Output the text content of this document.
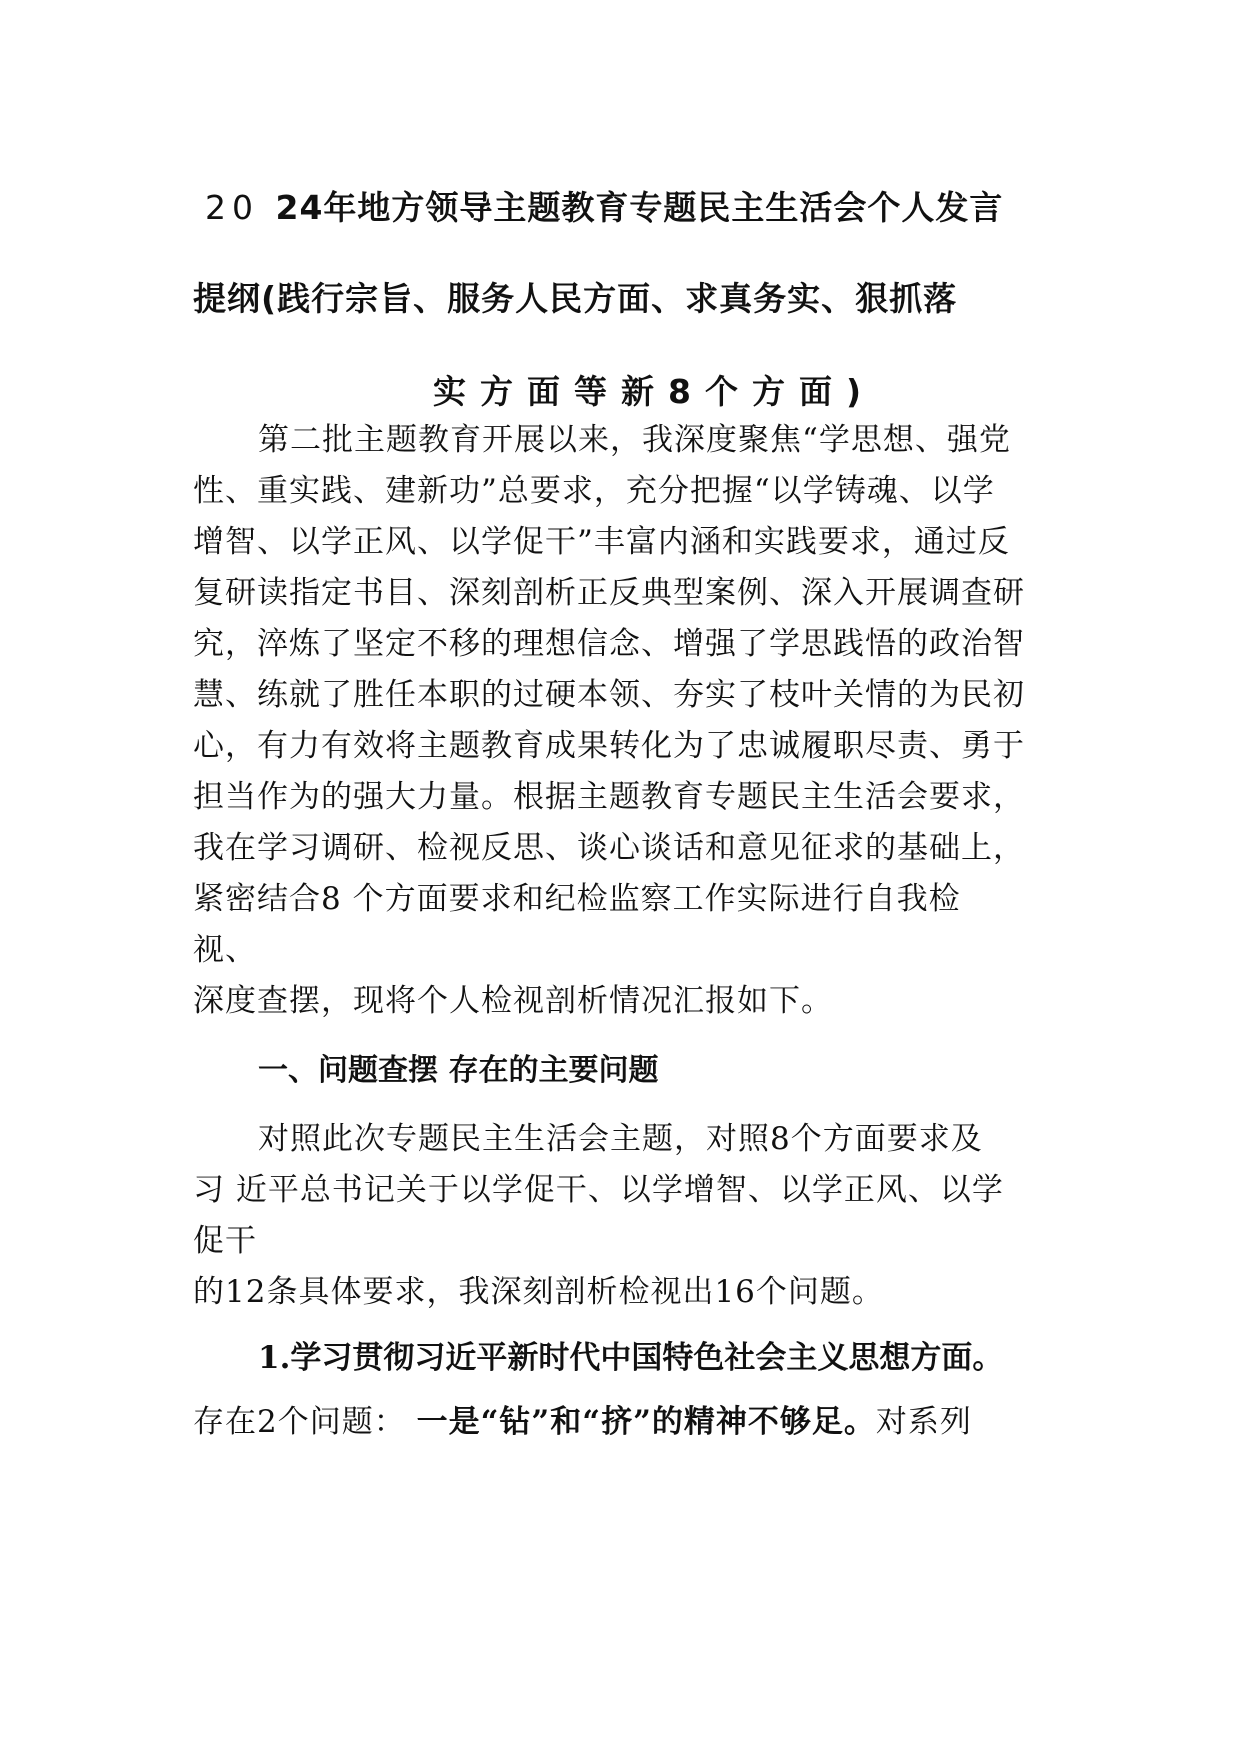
20 24年地方领导主题教育专题民主生活会个人发言
提纲(践行宗旨、服务人民方面、求真务实、狠抓落
实方面等新8个方面)
第二批主题教育开展以来，我深度聚焦“学思想、强党
性、重实践、建新功”总要求，充分把握“以学铸魂、以学
增智、以学正风、以学促干”丰富内涵和实践要求，通过反
复研读指定书目、深刻剖析正反典型案例、深入开展调查研
究，淬炼了坚定不移的理想信念、增强了学思践悟的政治智
慧、练就了胜任本职的过硬本领、夯实了枝叶关情的为民初
心，有力有效将主题教育成果转化为了忠诚履职尽责、勇于
担当作为的强大力量。根据主题教育专题民主生活会要求，
我在学习调研、检视反思、谈心谈话和意见征求的基础上，
紧密结合8 个方面要求和纪检监察工作实际进行自我检
视、
深度查摆，现将个人检视剖析情况汇报如下。
一、问题查摆 存在的主要问题
对照此次专题民主生活会主题，对照8个方面要求及
习 近平总书记关于以学促干、以学增智、以学正风、以学
促干
的12条具体要求，我深刻剖析检视出16个问题。
1.学习贯彻习近平新时代中国特色社会主义思想方面。
存在2个问题： 一是“钻”和“挤”的精神不够足。对系列
